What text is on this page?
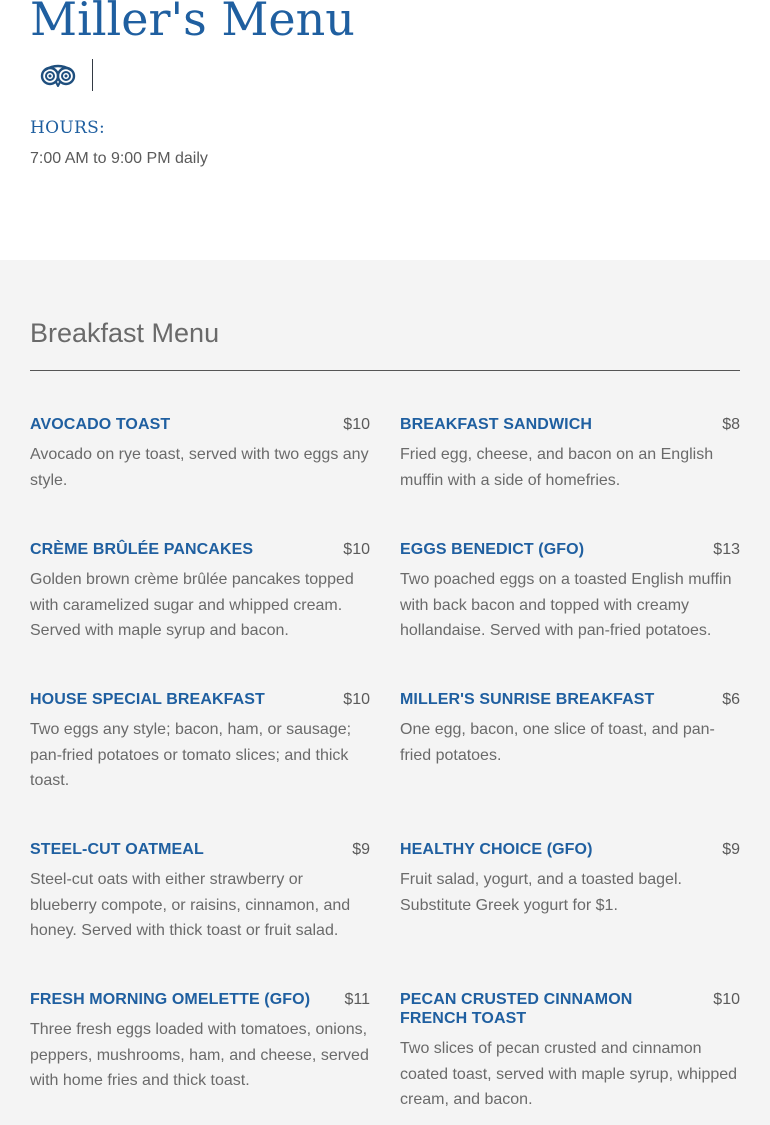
Miller's Menu
HOURS:

7:00 AM to 9:00 PM daily

Breakfast Menu
AVOCADO TOAST	$10
Avocado on rye toast, served with two eggs any style.
BREAKFAST SANDWICH	$8
Fried egg, cheese, and bacon on an English muffin with a side of homefries.
CRÈME BRÛLÉE PANCAKES	$10
Golden brown crème brûlée pancakes topped with caramelized sugar and whipped cream. Served with maple syrup and bacon.
EGGS BENEDICT (GFO)	$13
Two poached eggs on a toasted English muffin with back bacon and topped with creamy hollandaise. Served with pan-fried potatoes.
HOUSE SPECIAL BREAKFAST	$10
Two eggs any style; bacon, ham, or sausage; pan-fried potatoes or tomato slices; and thick toast.
MILLER'S SUNRISE BREAKFAST	$6
One egg, bacon, one slice of toast, and pan-fried potatoes.
STEEL-CUT OATMEAL	$9
Steel-cut oats with either strawberry or blueberry compote, or raisins, cinnamon, and honey. Served with thick toast or fruit salad.
HEALTHY CHOICE (GFO)	$9
Fruit salad, yogurt, and a toasted bagel. Substitute Greek yogurt for $1.
FRESH MORNING OMELETTE (GFO)	$11
Three fresh eggs loaded with tomatoes, onions, peppers, mushrooms, ham, and cheese, served with home fries and thick toast.
PECAN CRUSTED CINNAMON FRENCH TOAST
$10
Two slices of pecan crusted and cinnamon coated toast, served with maple syrup, whipped cream, and bacon.
